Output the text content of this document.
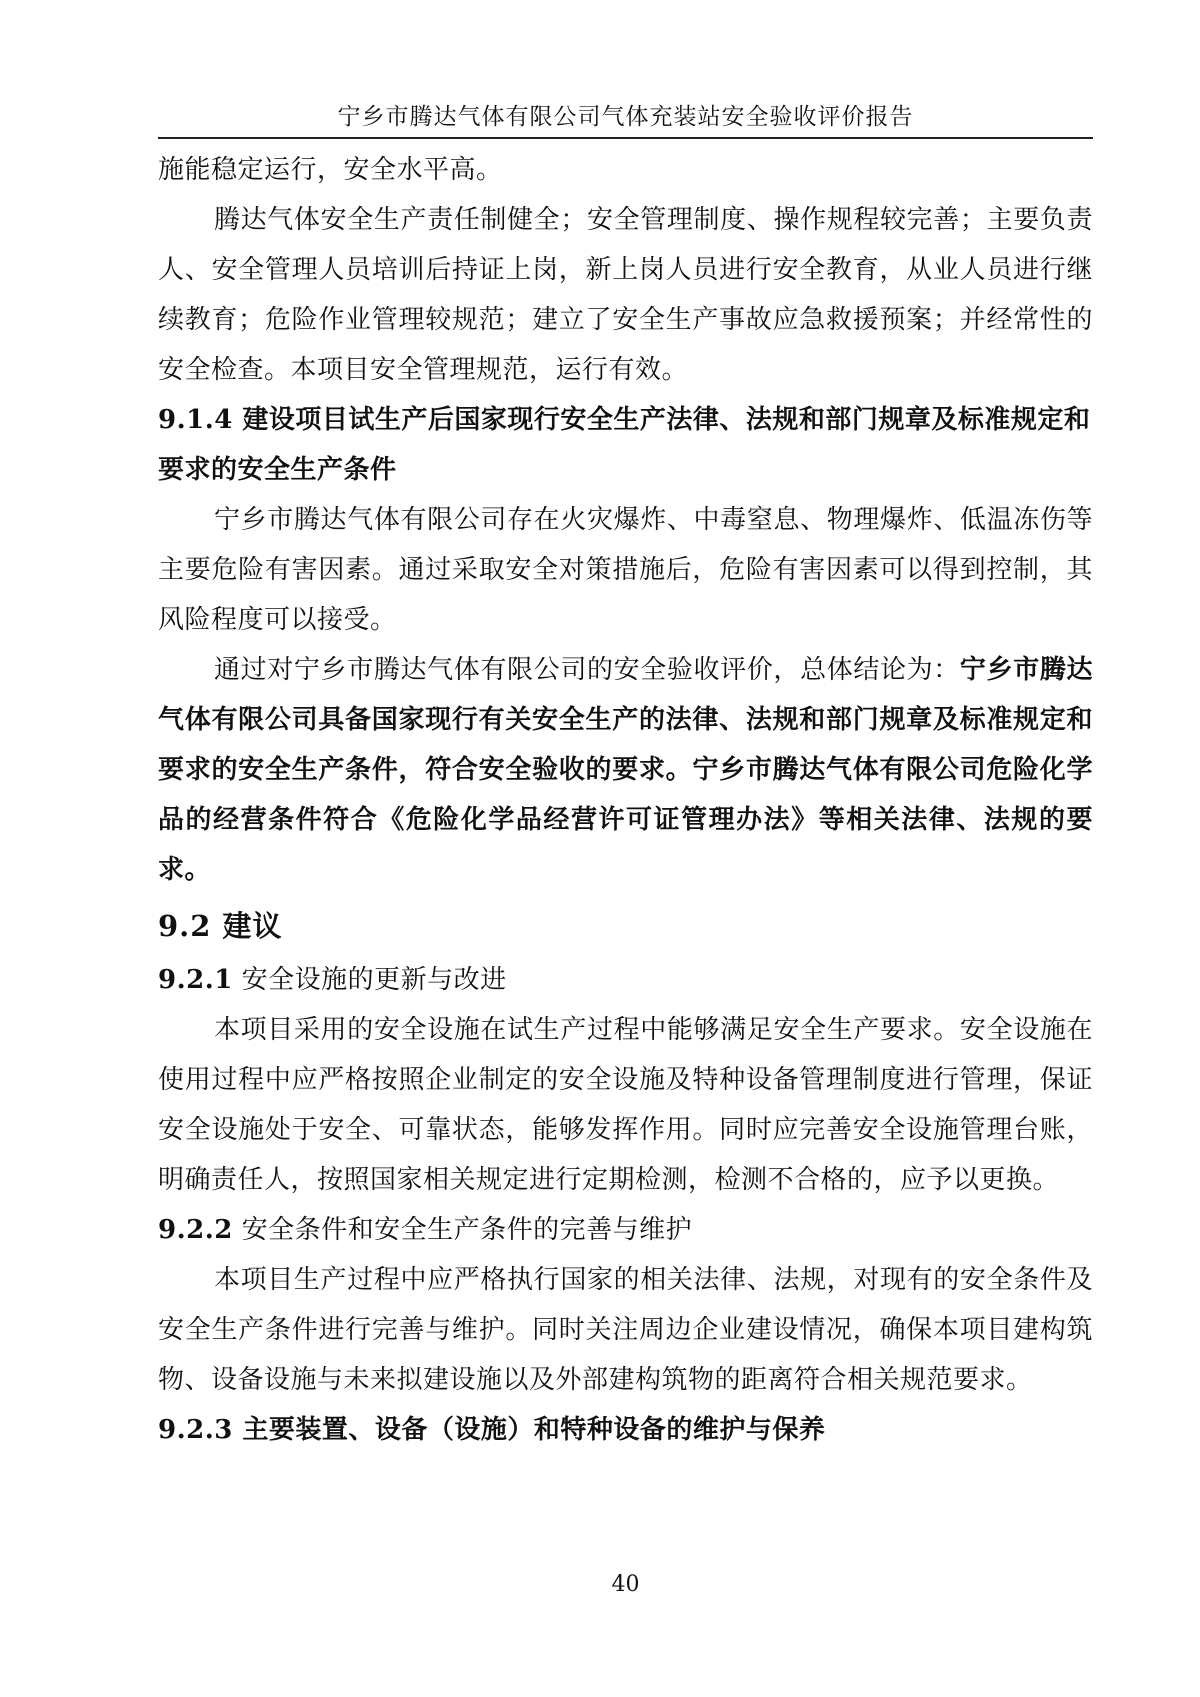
宁乡市腾达气体有限公司气体充装站安全验收评价报告

施能稳定运行，安全水平高。

腾达气体安全生产责任制健全；安全管理制度、操作规程较完善；主要负责人、安全管理人员培训后持证上岗，新上岗人员进行安全教育，从业人员进行继续教育；危险作业管理较规范；建立了安全生产事故应急救援预案；并经常性的安全检查。本项目安全管理规范，运行有效。

9.1.4 建设项目试生产后国家现行安全生产法律、法规和部门规章及标准规定和要求的安全生产条件

宁乡市腾达气体有限公司存在火灾爆炸、中毒窒息、物理爆炸、低温冻伤等主要危险有害因素。通过采取安全对策措施后，危险有害因素可以得到控制，其风险程度可以接受。

通过对宁乡市腾达气体有限公司的安全验收评价，总体结论为：宁乡市腾达气体有限公司具备国家现行有关安全生产的法律、法规和部门规章及标准规定和要求的安全生产条件，符合安全验收的要求。宁乡市腾达气体有限公司危险化学品的经营条件符合《危险化学品经营许可证管理办法》等相关法律、法规的要求。

9.2 建议

9.2.1 安全设施的更新与改进

本项目采用的安全设施在试生产过程中能够满足安全生产要求。安全设施在使用过程中应严格按照企业制定的安全设施及特种设备管理制度进行管理，保证安全设施处于安全、可靠状态，能够发挥作用。同时应完善安全设施管理台账，明确责任人，按照国家相关规定进行定期检测，检测不合格的，应予以更换。

9.2.2 安全条件和安全生产条件的完善与维护

本项目生产过程中应严格执行国家的相关法律、法规，对现有的安全条件及安全生产条件进行完善与维护。同时关注周边企业建设情况，确保本项目建构筑物、设备设施与未来拟建设施以及外部建构筑物的距离符合相关规范要求。

9.2.3 主要装置、设备（设施）和特种设备的维护与保养

40
